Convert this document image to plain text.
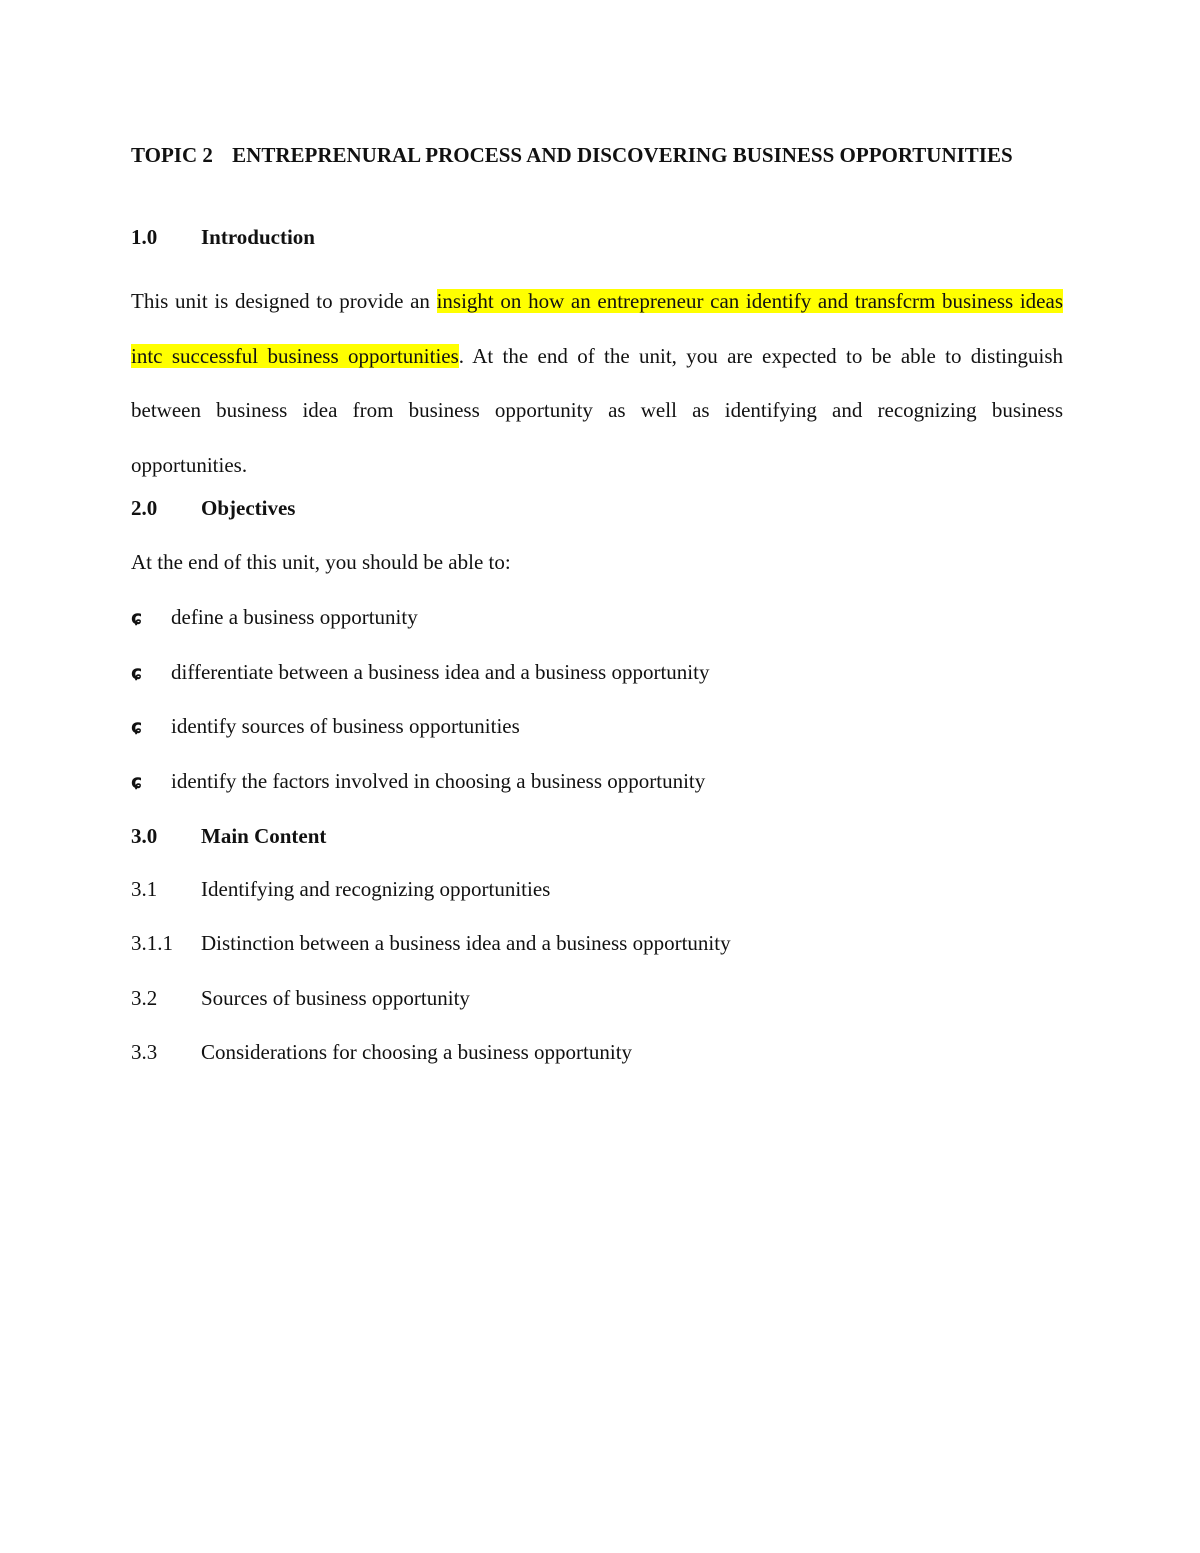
TOPIC 2 ENTREPRENURAL PROCESS AND DISCOVERING BUSINESS OPPORTUNITIES
1.0 Introduction

This unit is designed to provide an insight on how an entrepreneur can identify and transfcrm business ideas intc successful business opportunities. At the end of the unit, you are expected to be able to distinguish between business idea from business opportunity as well as identifying and recognizing business opportunities.

2.0 Objectives
At the end of this unit, you should be able to:
ɕ define a business opportunity
ɕ differentiate between a business idea and a business opportunity
ɕ identify sources of business opportunities
ɕ identify the factors involved in choosing a business opportunity
3.0 Main Content
3.1 Identifying and recognizing opportunities
3.1.1 Distinction between a business idea and a business opportunity
3.2 Sources of business opportunity
3.3 Considerations for choosing a business opportunity
